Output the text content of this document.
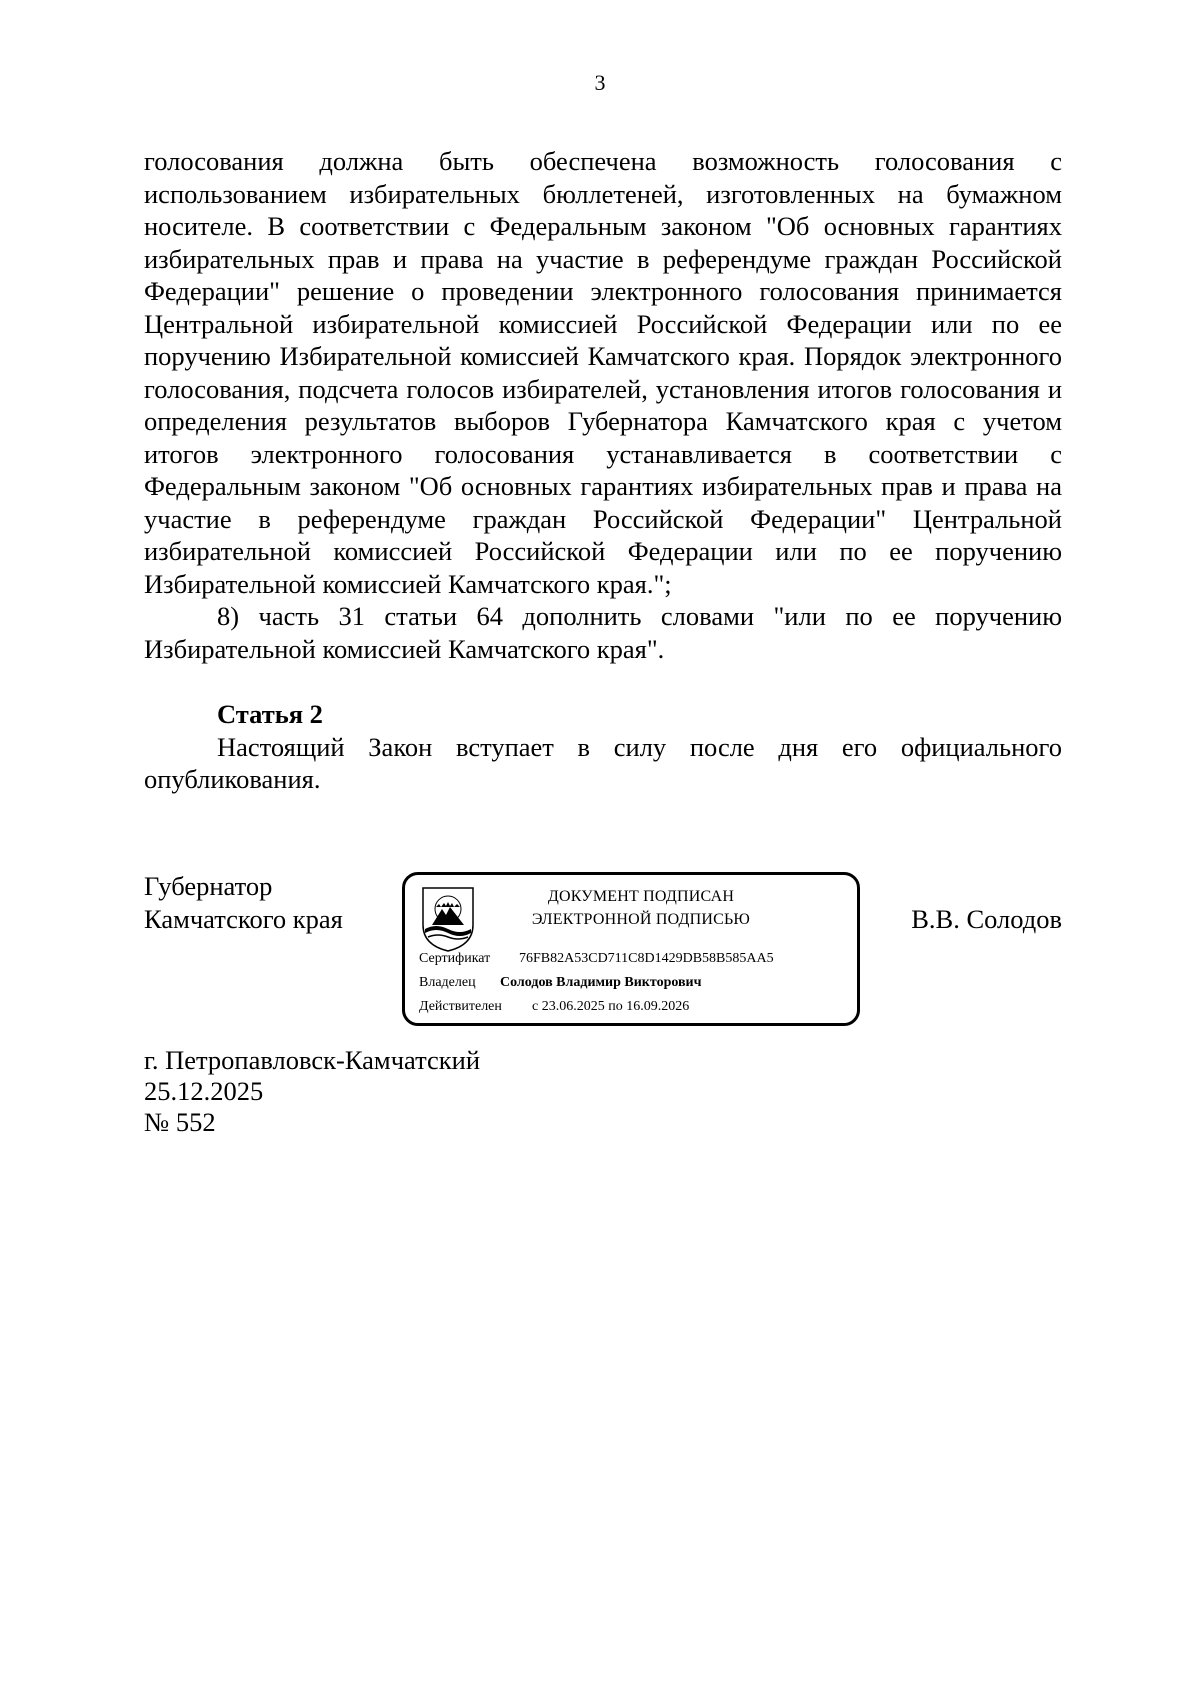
3

голосования должна быть обеспечена возможность голосования с использованием избирательных бюллетеней, изготовленных на бумажном носителе. В соответствии с Федеральным законом "Об основных гарантиях избирательных прав и права на участие в референдуме граждан Российской Федерации" решение о проведении электронного голосования принимается Центральной избирательной комиссией Российской Федерации или по ее поручению Избирательной комиссией Камчатского края. Порядок электронного голосования, подсчета голосов избирателей, установления итогов голосования и определения результатов выборов Губернатора Камчатского края с учетом итогов электронного голосования устанавливается в соответствии с Федеральным законом "Об основных гарантиях избирательных прав и права на участие в референдуме граждан Российской Федерации" Центральной избирательной комиссией Российской Федерации или по ее поручению Избирательной комиссией Камчатского края.";

8) часть 31 статьи 64 дополнить словами "или по ее поручению Избирательной комиссией Камчатского края".

Статья 2

Настоящий Закон вступает в силу после дня его официального опубликования.

Губернатор
Камчатского края
ДОКУМЕНТ ПОДПИСАН
ЭЛЕКТРОННОЙ ПОДПИСЬЮ
Сертификат 76FB82A53CD711C8D1429DB58B585AA5
Владелец Солодов Владимир Викторович
Действителен с 23.06.2025 по 16.09.2026
В.В. Солодов
г. Петропавловск-Камчатский
25.12.2025
№ 552
